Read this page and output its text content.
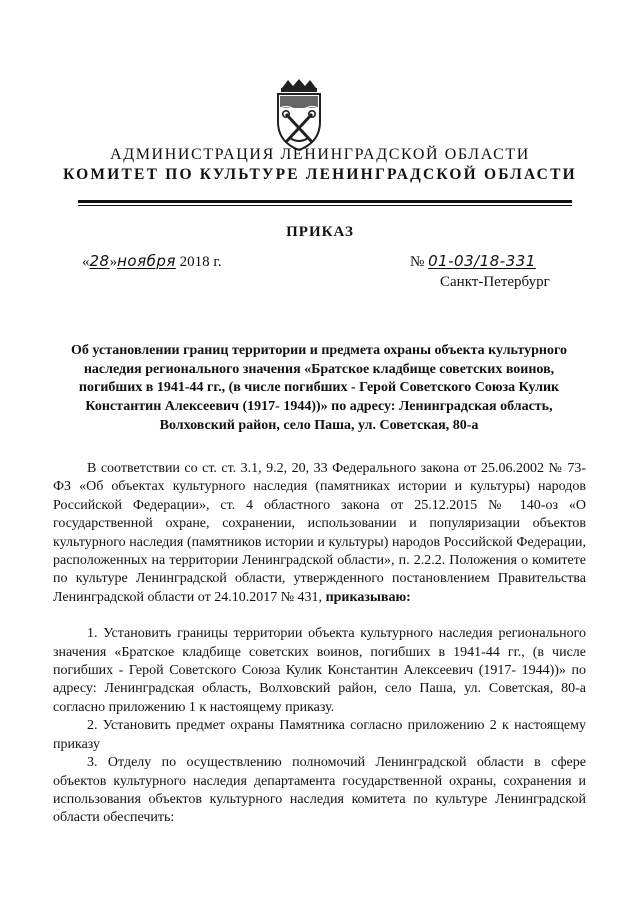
АДМИНИСТРАЦИЯ ЛЕНИНГРАДСКОЙ ОБЛАСТИ
КОМИТЕТ ПО КУЛЬТУРЕ ЛЕНИНГРАДСКОЙ ОБЛАСТИ
ПРИКАЗ
«28»ноября 2018 г.	№ 01-03/18-331
Санкт-Петербург
Об установлении границ территории и предмета охраны объекта культурного наследия регионального значения «Братское кладбище советских воинов, погибших в 1941-44 гг., (в числе погибших - Герой Советского Союза Кулик Константин Алексеевич (1917- 1944))» по адресу: Ленинградская область, Волховский район, село Паша, ул. Советская, 80-а

В соответствии со ст. ст. 3.1, 9.2, 20, 33 Федерального закона от 25.06.2002 № 73-ФЗ «Об объектах культурного наследия (памятниках истории и культуры) народов Российской Федерации», ст. 4 областного закона от 25.12.2015 № 140-оз «О государственной охране, сохранении, использовании и популяризации объектов культурного наследия (памятников истории и культуры) народов Российской Федерации, расположенных на территории Ленинградской области», п. 2.2.2. Положения о комитете по культуре Ленинградской области, утвержденного постановлением Правительства Ленинградской области от 24.10.2017 № 431, приказываю:

1. Установить границы территории объекта культурного наследия регионального значения «Братское кладбище советских воинов, погибших в 1941-44 гг., (в числе погибших - Герой Советского Союза Кулик Константин Алексеевич (1917- 1944))» по адресу: Ленинградская область, Волховский район, село Паша, ул. Советская, 80-а согласно приложению 1 к настоящему приказу.

2. Установить предмет охраны Памятника согласно приложению 2 к настоящему приказу

3. Отделу по осуществлению полномочий Ленинградской области в сфере объектов культурного наследия департамента государственной охраны, сохранения и использования объектов культурного наследия комитета по культуре Ленинградской области обеспечить:
